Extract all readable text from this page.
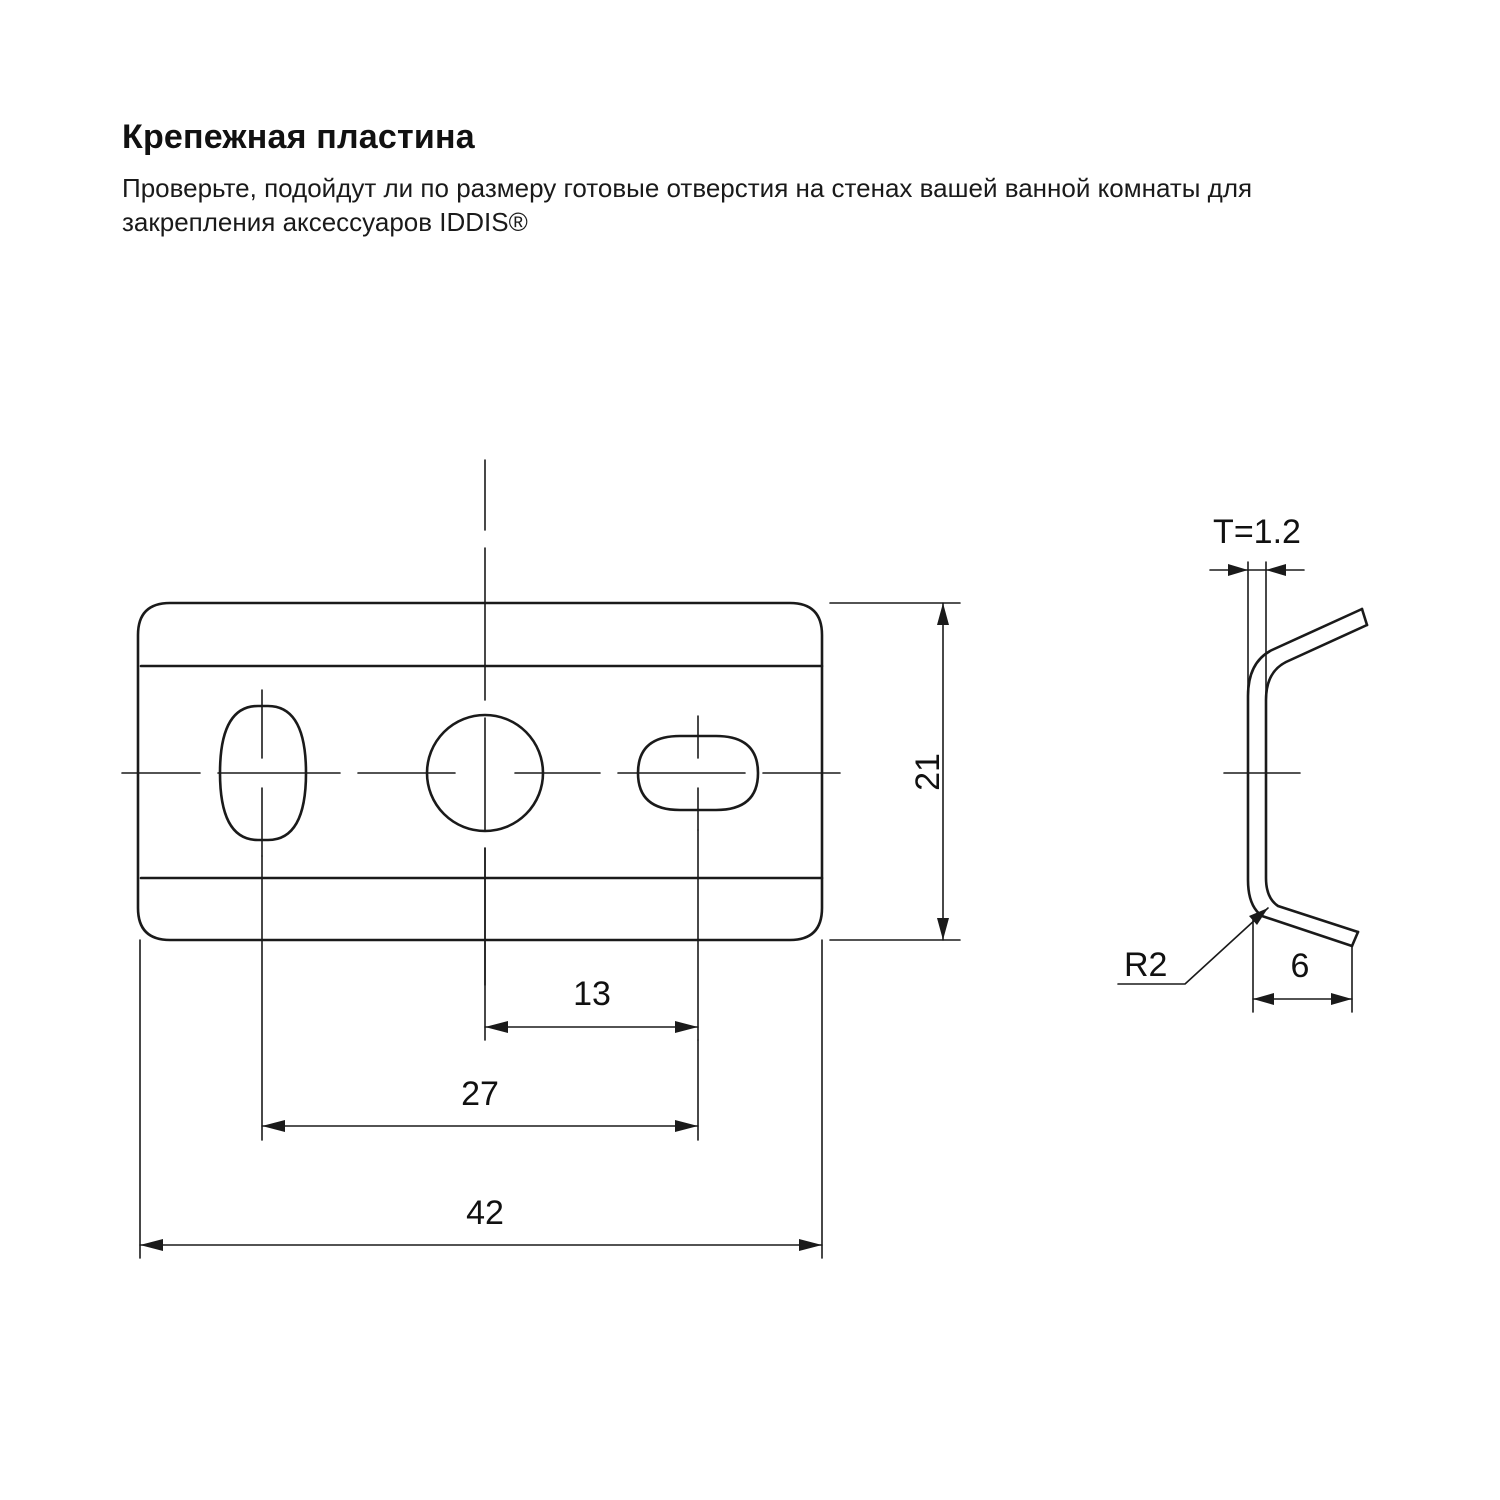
Крепежная пластина

Проверьте, подойдут ли по размеру готовые отверстия на стенах вашей ванной комнаты для закрепления аксессуаров IDDIS®

21
13
27
42
T=1.2
R2	6
